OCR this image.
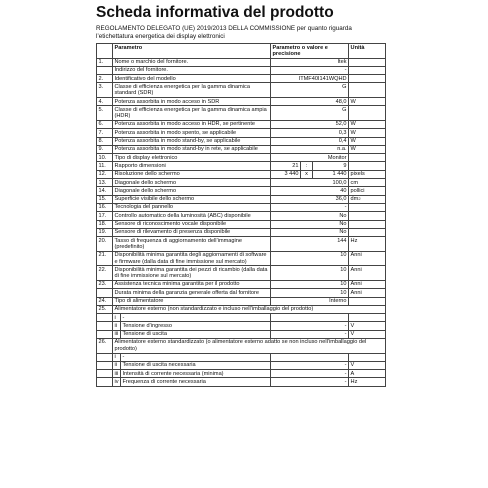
Scheda informativa del prodotto
REGOLAMENTO DELEGATO (UE) 2019/2013 DELLA COMMISSIONE per quanto riguarda
l’etichettatura energetica dei display elettronici
	Parametro		Parametro o valore e precisione			Unità
1.	Nome o marchio del fornitore.		Itek			
	Indirizzo del fornitore.		-			
2.	Identificativo del modello		ITMF40I141WQHD			
3.	Classe di efficienza energetica per la gamma dinamica standard (SDR)		G			
4.	Potenza assorbita in modo acceso in SDR		48,0			W
5.	Classe di efficienza energetica per la gamma dinamica ampia (HDR)		G			
6.	Potenza assorbita in modo acceso in HDR, se pertinente		52,0			W
7.	Potenza assorbita in modo spento, se applicabile		0,3			W
8.	Potenza assorbita in modo stand-by, se applicabile		0,4			W
9.	Potenza assorbita in modo stand-by in rete, se applicabile		n.a.			W
10.	Tipo di display elettronico		Monitor			
11.	Rapporto dimensioni		21	:	9	
12.	Risoluzione dello schermo		3 440	x	1 440	pixels
13.	Diagonale dello schermo		100,0			cm
14.	Diagonale dello schermo		40			pollici
15.	Superficie visibile dello schermo		36,0			$dm^2$
16.	Tecnologia del pannello		-			
17.	Controllo automatico della luminosità (ABC) disponibile		No			
18.	Sensore di riconoscimento vocale disponibile		No			
19.	Sensore di rilevamento di presenza disponibile		No			
20.	Tasso di frequenza di aggiornamento dell’immagine (predefinito)		144			Hz
21.	Disponibilità minima garantita degli aggiornamenti di software e firmware (dalla data di fine immissione sul mercato)		10			Anni
22.	Disponibilità minima garantita dei pezzi di ricambio (dalla data di fine immissione sul mercato)		10			Anni
23.	Assistenza tecnica minima garantita per il prodotto		10			Anni
	Durata minima della garanzia generale offerta dal fornitore		10			Anni
24.	Tipo di alimentatore		Interno			
25.	Alimentatore esterno (non standardizzato e incluso nell’imballaggio del prodotto)					
	i	-				
	ii	Tensione d’ingresso	-			V
	iii	Tensione di uscita	-			V
26.	Alimentatore esterno standardizzato (o alimentatore esterno adatto se non incluso nell’imballaggio del prodotto)					
	i	-				
	ii	Tensione di uscita necessaria	-			V
	iii	Intensità di corrente necessaria (minima)	-			A
	iv	Frequenza di corrente necessaria	-			Hz
